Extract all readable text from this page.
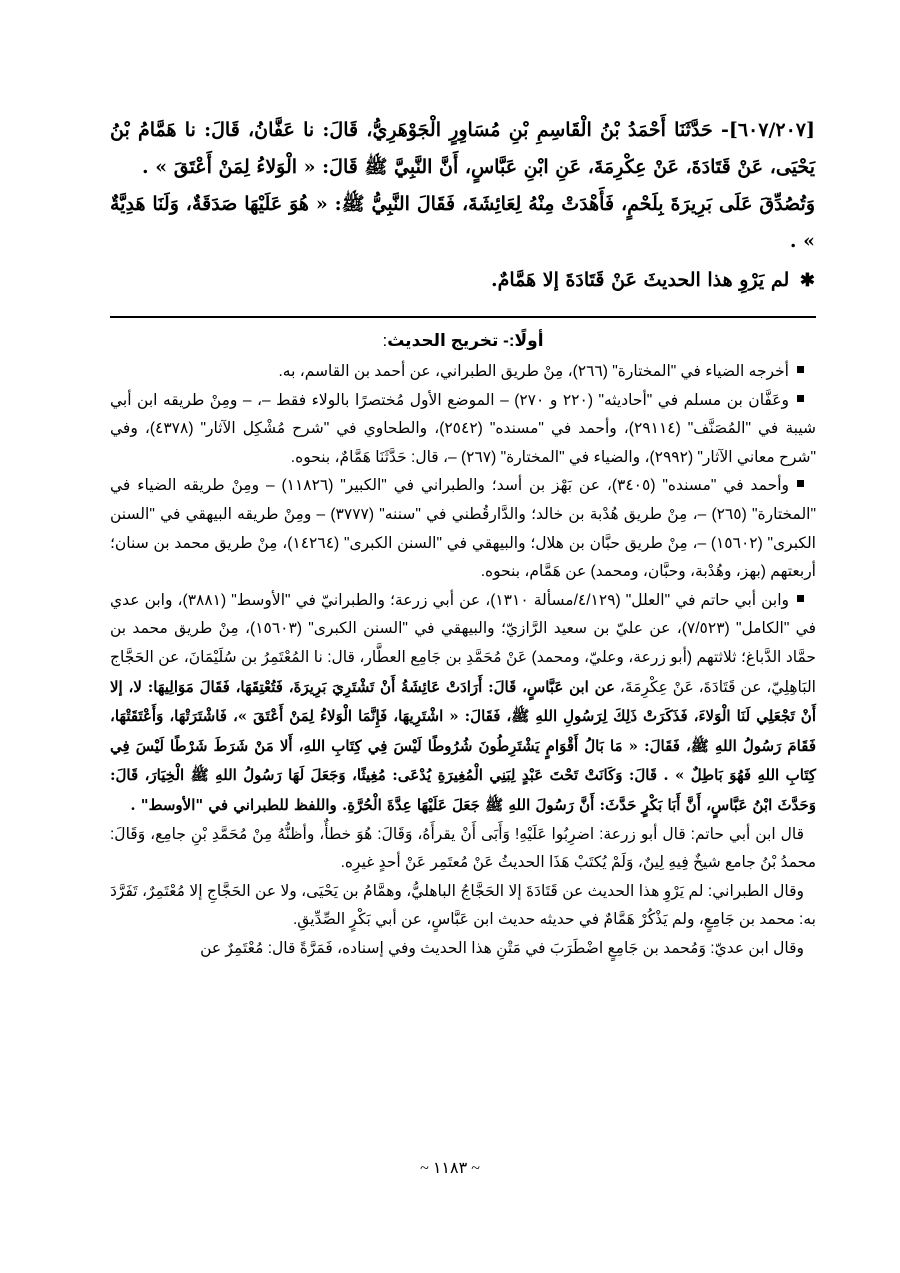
[٦٠٧/٢٠٧]- حَدَّثَنَا أَحْمَدُ بْنُ الْقَاسِمِ بْنِ مُسَاوِرٍ الْجَوْهَرِيُّ، قَالَ: نا عَفَّانُ، قَالَ: نا هَمَّامُ بْنُ يَحْيَى، عَنْ قَتَادَةَ، عَنْ عِكْرِمَةَ، عَنِ ابْنِ عَبَّاسٍ، أَنَّ النَّبِيَّ ﷺ قَالَ: « الْوَلاءُ لِمَنْ أَعْتَقَ » .

وَتُصُدِّقَ عَلَى بَرِيرَةَ بِلَحْمٍ، فَأَهْدَتْ مِنْهُ لِعَائِشَةَ، فَقَالَ النَّبِيُّ ﷺ: « هُوَ عَلَيْهَا صَدَقَةٌ، وَلَنَا هَدِيَّةٌ » .

✱ لم يَرْوِ هذا الحديثَ عَنْ قَتَادَةَ إلا هَمَّامٌ.

أولًا:- تخريج الحديث:

أخرجه الضياء في "المختارة" (٢٦٦)، مِنْ طريق الطبراني، عن أحمد بن القاسم، به.

وعَفَّان بن مسلم في "أحاديثه" (٢٢٠ و ٢٧٠) – الموضع الأول مُختصرًا بالولاء فقط –، – ومِنْ طريقه ابن أبي شيبة في "المُصَنَّف" (٢٩١١٤)، وأحمد في "مسنده" (٢٥٤٢)، والطحاوي في "شرح مُشْكِل الآثار" (٤٣٧٨)، وفي "شرح معاني الآثار" (٢٩٩٢)، والضياء في "المختارة" (٢٦٧) –، قال: حَدَّثَنَا هَمَّامٌ، بنحوه.

وأحمد في "مسنده" (٣٤٠٥)، عن بَهْز بن أسد؛ والطبراني في "الكبير" (١١٨٢٦) – ومِنْ طريقه الضياء في "المختارة" (٢٦٥) –، مِنْ طريق هُدْبة بن خالد؛ والدَّارقُطني في "سننه" (٣٧٧٧) – ومِنْ طريقه البيهقي في "السنن الكبرى" (١٥٦٠٢) –، مِنْ طريق حبَّان بن هلال؛ والبيهقي في "السنن الكبرى" (١٤٢٦٤)، مِنْ طريق محمد بن سنان؛ أربعتهم (بهز، وهُدْبة، وحبَّان، ومحمد) عن هَمَّام، بنحوه.

وابن أبي حاتم في "العلل" (٤/١٢٩/مسألة ١٣١٠)، عن أبي زرعة؛ والطبرانيّ في "الأوسط" (٣٨٨١)، وابن عدي في "الكامل" (٧/٥٢٣)، عن عليّ بن سعيد الرَّازيّ؛ والبيهقي في "السنن الكبرى" (١٥٦٠٣)، مِنْ طريق محمد بن حمَّاد الدَّباغ؛ ثلاثتهم (أبو زرعة، وعليّ، ومحمد) عَنْ مُحَمَّدِ بن جَامِع العطَّار، قال: نا المُعْتَمِرُ بن سُلَيْمَانَ، عن الحَجَّاج البَاهِلِيّ، عن قَتَادَةَ، عَنْ عِكْرِمَةَ، عن ابن عَبَّاسٍ، قَالَ: أَرَادَتْ عَائِشَةُ أَنْ تَشْتَرِيَ بَرِيرَةَ، فَتُعْتِقَهَا، فَقَالَ مَوَالِيهَا: لا، إلا أَنْ تَجْعَلِي لَنَا الْوَلاءَ، فَذَكَرَتْ ذَلِكَ لِرَسُولِ اللهِ ﷺ، فَقَالَ: « اشْتَرِيهَا، فَإِنَّمَا الْوَلاءُ لِمَنْ أَعْتَقَ »، فَاشْتَرَتْهَا، وَأَعْتَقَتْهَا، فَقَامَ رَسُولُ اللهِ ﷺ، فَقَالَ: « مَا بَالُ أَقْوَامٍ يَشْتَرِطُونَ شُرُوطًا لَيْسَ فِي كِتَابِ اللهِ، أَلا مَنْ شَرَطَ شَرْطًا لَيْسَ فِي كِتَابِ اللهِ فَهُوَ بَاطِلٌ » . قَالَ: وَكَانَتْ تَحْتَ عَبْدٍ لِبَنِي الْمُغِيرَةِ يُدْعَى: مُغِيثًا، وَجَعَلَ لَهَا رَسُولُ اللهِ ﷺ الْخِيَارَ، قَالَ: وَحَدَّثَ ابْنُ عَبَّاسٍ، أَنَّ أَبَا بَكْرٍ حَدَّثَ: أَنَّ رَسُولَ اللهِ ﷺ جَعَلَ عَلَيْهَا عِدَّةَ الْحُرَّةِ. واللفظ للطبراني في "الأوسط" .

قال ابن أبي حاتم: قال أبو زرعة: اضرِبُوا عَلَيْهِ! وَأَبَى أَنْ يقرأَهُ، وَقَالَ: هُوَ خطأٌ، وأظنُّهُ مِنْ مُحَمَّدِ بْنِ جامِع، وَقَالَ: محمدُ بْنُ جامع شيخٌ فِيهِ لِينٌ، وَلَمْ يُكتَبْ هَذَا الحديثُ عَنْ مُعتَمِر عَنْ أحدٍ غيرِه.

وقال الطبراني: لم يَرْوِ هذا الحديث عن قَتَادَةَ إلا الحَجَّاجُ الباهليُّ، وهمَّامُ بن يَحْيَى، ولا عن الحَجَّاجِ إلا مُعْتَمِرٌ، تَفَرَّدَ به: محمد بن جَامِعٍ، ولم يَذْكُرْ هَمَّامٌ في حديثه حديث ابن عَبَّاسٍ، عن أبي بَكْرٍ الصِّدِّيقِ.

وقال ابن عديّ: وَمُحمد بن جَامِعٍ اضْطَرَبَ في مَتْنِ هذا الحديث وفي إسناده، فَمَرَّةً قال: مُعْتَمِرٌ عن

~ ١١٨٣ ~
